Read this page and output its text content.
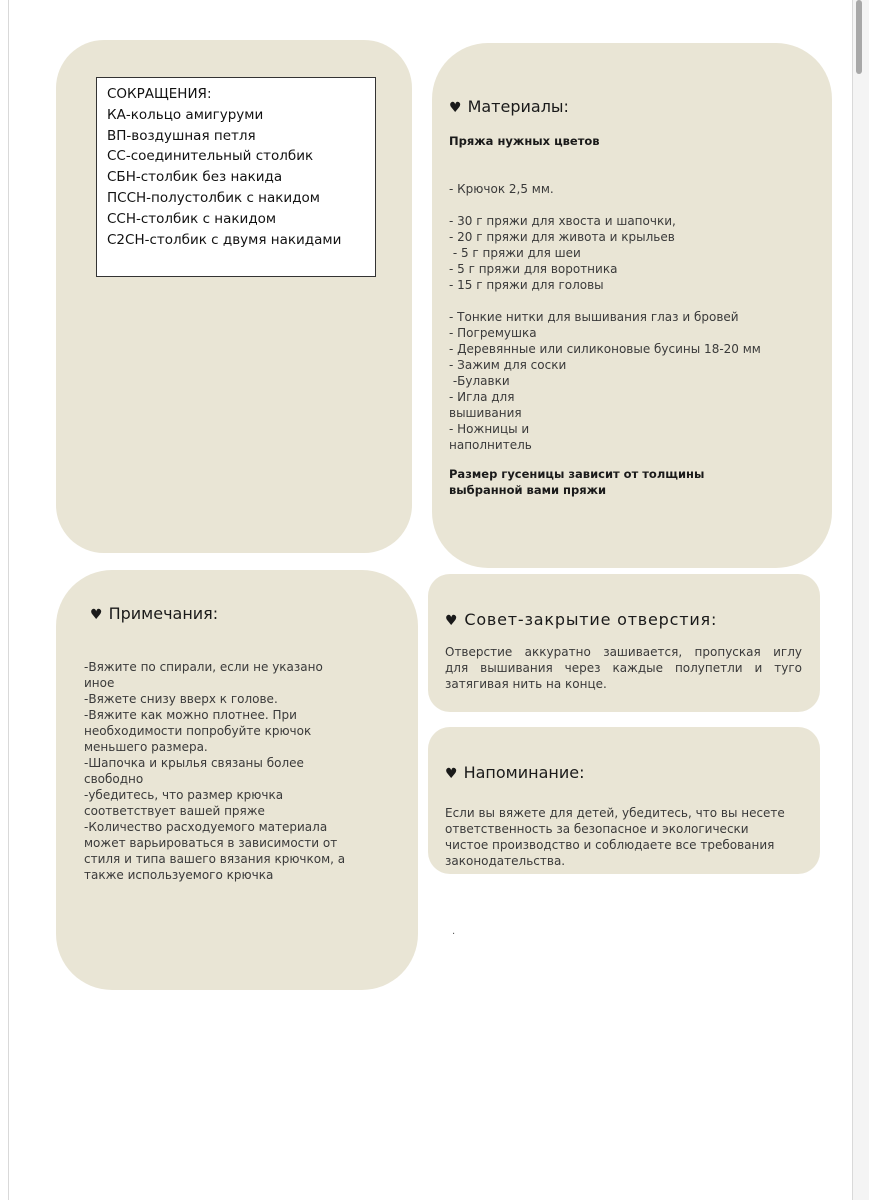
СОКРАЩЕНИЯ:
КА-кольцо амигуруми
ВП-воздушная петля
СС-соединительный столбик
СБН-столбик без накида
ПССН-полустолбик с накидом
ССН-столбик с накидом
С2СН-столбик с двумя накидами
♥ Материалы:
Пряжа нужных цветов
- Крючок 2,5 мм.
- 30 г пряжи для хвоста и шапочки,
- 20 г пряжи для живота и крыльев
- 5 г пряжи для шеи
- 5 г пряжи для воротника
- 15 г пряжи для головы
- Тонкие нитки для вышивания глаз и бровей
- Погремушка
- Деревянные или силиконовые бусины 18-20 мм
- Зажим для соски
-Булавки
- Игла для
вышивания
- Ножницы и
наполнитель
Размер гусеницы зависит от толщины
выбранной вами пряжи
♥ Примечания:
-Вяжите по спирали, если не указано
иное
-Вяжете снизу вверх к голове.
-Вяжите как можно плотнее. При
необходимости попробуйте крючок
меньшего размера.
-Шапочка и крылья связаны более
свободно
-убедитесь, что размер крючка
соответствует вашей пряже
-Количество расходуемого материала
может варьироваться в зависимости от
стиля и типа вашего вязания крючком, а
также используемого крючка
♥ Совет-закрытие отверстия:
Отверстие аккуратно зашивается, пропуская иглу
для вышивания через каждые полупетли и туго
затягивая нить на конце.
♥ Напоминание:
Если вы вяжете для детей, убедитесь, что вы несете
ответственность за безопасное и экологически
чистое производство и соблюдаете все требования
законодательства.
.
